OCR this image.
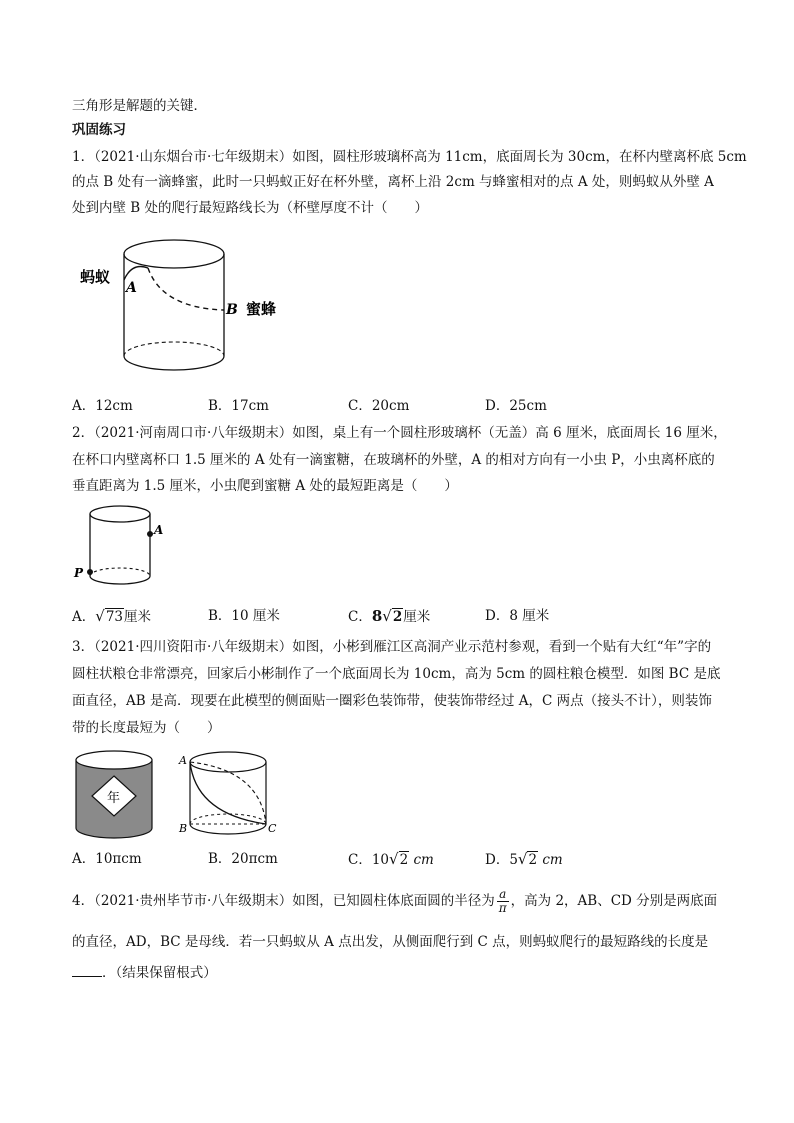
三角形是解题的关键．
巩固练习
1．（2021·山东烟台市·七年级期末）如图，圆柱形玻璃杯高为 11cm，底面周长为 30cm，在杯内壁离杯底 5cm
的点 B 处有一滴蜂蜜，此时一只蚂蚁正好在杯外壁，离杯上沿 2cm 与蜂蜜相对的点 A 处，则蚂蚁从外壁 A
处到内壁 B 处的爬行最短路线长为（杯壁厚度不计（　　）
蚂蚁
A
B 蜜蜂
A．12cm	B．17cm	C．20cm	D．25cm
2．（2021·河南周口市·八年级期末）如图，桌上有一个圆柱形玻璃杯（无盖）高 6 厘米，底面周长 16 厘米，
在杯口内壁离杯口 1.5 厘米的 A 处有一滴蜜糖，在玻璃杯的外壁，A 的相对方向有一小虫 P，小虫离杯底的
垂直距离为 1.5 厘米，小虫爬到蜜糖 A 处的最短距离是（　　）
A
P
A．√73厘米	B．10 厘米	C．8√2厘米	D．8 厘米
3．（2021·四川资阳市·八年级期末）如图，小彬到雁江区高洞产业示范村参观，看到一个贴有大红“年”字的
圆柱状粮仓非常漂亮，回家后小彬制作了一个底面周长为 10cm，高为 5cm 的圆柱粮仓模型．如图 BC 是底
面直径，AB 是高．现要在此模型的侧面贴一圈彩色装饰带，使装饰带经过 A，C 两点（接头不计），则装饰
带的长度最短为（　　）
年
A
B	C
A．10πcm	B．20πcm	C．10√2 cm	D．5√2 cm
4．（2021·贵州毕节市·八年级期末）如图，已知圆柱体底面圆的半径为 $\frac{a}{\pi}$ ，高为 2，AB、CD 分别是两底面
的直径，AD，BC 是母线．若一只蚂蚁从 A 点出发，从侧面爬行到 C 点，则蚂蚁爬行的最短路线的长度是
．（结果保留根式）
